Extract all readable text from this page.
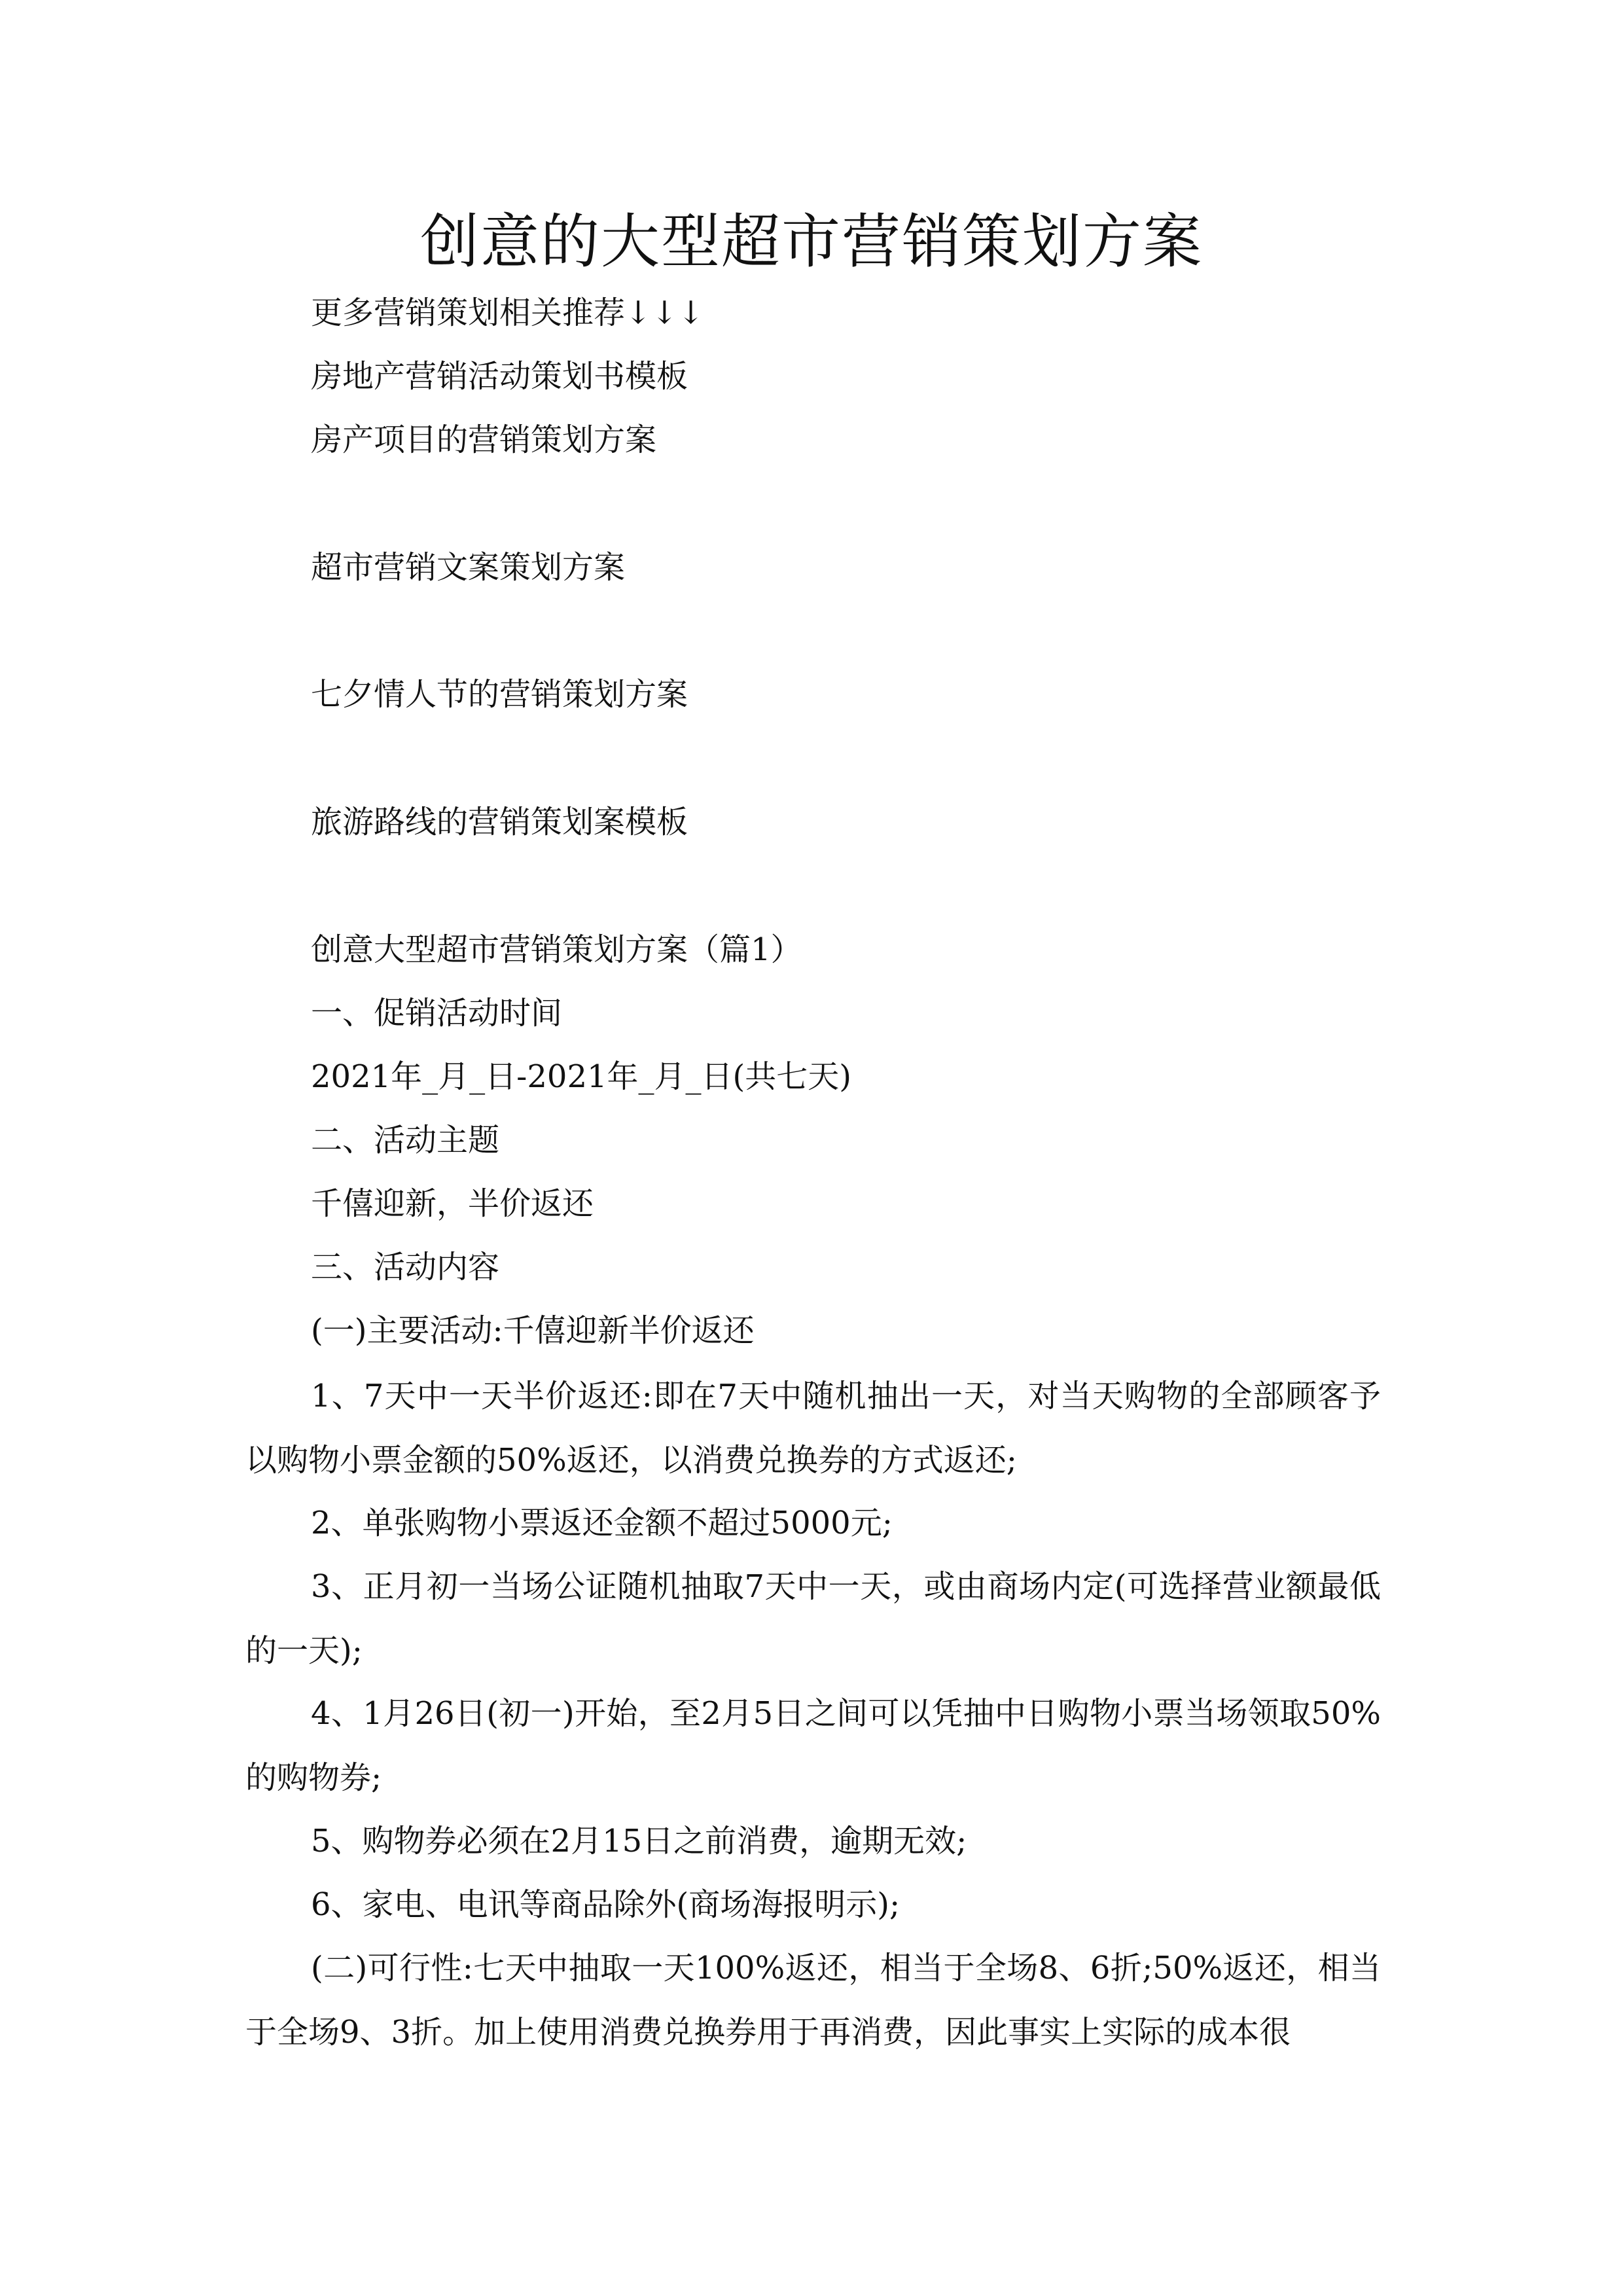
创意的大型超市营销策划方案
更多营销策划相关推荐↓↓↓
房地产营销活动策划书模板
房产项目的营销策划方案
超市营销文案策划方案
七夕情人节的营销策划方案
旅游路线的营销策划案模板
创意大型超市营销策划方案（篇1）
一、促销活动时间
2021年_月_日-2021年_月_日(共七天)
二、活动主题
千僖迎新，半价返还
三、活动内容
(一)主要活动:千僖迎新半价返还
1、7天中一天半价返还:即在7天中随机抽出一天，对当天购物的全部顾客予以购物小票金额的50%返还，以消费兑换券的方式返还;
2、单张购物小票返还金额不超过5000元;
3、正月初一当场公证随机抽取7天中一天，或由商场内定(可选择营业额最低的一天);
4、1月26日(初一)开始，至2月5日之间可以凭抽中日购物小票当场领取50%的购物券;
5、购物券必须在2月15日之前消费，逾期无效;
6、家电、电讯等商品除外(商场海报明示);
(二)可行性:七天中抽取一天100%返还，相当于全场8、6折;50%返还，相当于全场9、3折。加上使用消费兑换券用于再消费，因此事实上实际的成本很
